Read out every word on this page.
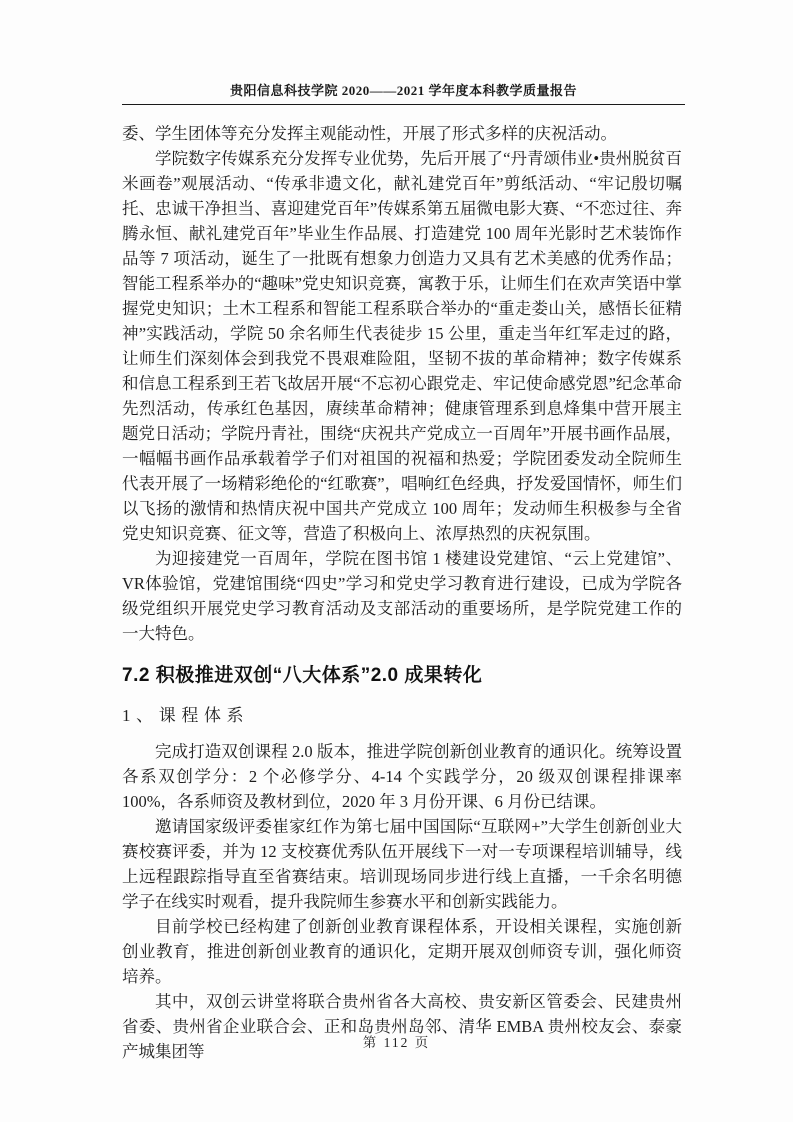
贵阳信息科技学院 2020——2021 学年度本科教学质量报告

委、学生团体等充分发挥主观能动性，开展了形式多样的庆祝活动。

学院数字传媒系充分发挥专业优势，先后开展了“丹青颂伟业•贵州脱贫百米画卷”观展活动、“传承非遗文化，献礼建党百年”剪纸活动、“牢记殷切嘱托、忠诚干净担当、喜迎建党百年”传媒系第五届微电影大赛、“不恋过往、奔腾永恒、献礼建党百年”毕业生作品展、打造建党 100 周年光影时艺术装饰作品等 7 项活动，诞生了一批既有想象力创造力又具有艺术美感的优秀作品；智能工程系举办的“趣味”党史知识竞赛，寓教于乐，让师生们在欢声笑语中掌握党史知识；土木工程系和智能工程系联合举办的“重走娄山关，感悟长征精神”实践活动，学院 50 余名师生代表徒步 15 公里，重走当年红军走过的路，让师生们深刻体会到我党不畏艰难险阻，坚韧不拔的革命精神；数字传媒系和信息工程系到王若飞故居开展“不忘初心跟党走、牢记使命感党恩”纪念革命先烈活动，传承红色基因，赓续革命精神；健康管理系到息烽集中营开展主题党日活动；学院丹青社，围绕“庆祝共产党成立一百周年”开展书画作品展，一幅幅书画作品承载着学子们对祖国的祝福和热爱；学院团委发动全院师生代表开展了一场精彩绝伦的“红歌赛”，唱响红色经典，抒发爱国情怀，师生们以飞扬的激情和热情庆祝中国共产党成立 100 周年；发动师生积极参与全省党史知识竞赛、征文等，营造了积极向上、浓厚热烈的庆祝氛围。

为迎接建党一百周年，学院在图书馆 1 楼建设党建馆、“云上党建馆”、VR体验馆，党建馆围绕“四史”学习和党史学习教育进行建设，已成为学院各级党组织开展党史学习教育活动及支部活动的重要场所，是学院党建工作的一大特色。

7.2 积极推进双创“八大体系”2.0 成果转化
1、课程体系

完成打造双创课程 2.0 版本，推进学院创新创业教育的通识化。统筹设置各系双创学分：2 个必修学分、4-14 个实践学分，20 级双创课程排课率 100%，各系师资及教材到位，2020 年 3 月份开课、6 月份已结课。

邀请国家级评委崔家红作为第七届中国国际“互联网+”大学生创新创业大赛校赛评委，并为 12 支校赛优秀队伍开展线下一对一专项课程培训辅导，线上远程跟踪指导直至省赛结束。培训现场同步进行线上直播，一千余名明德学子在线实时观看，提升我院师生参赛水平和创新实践能力。

目前学校已经构建了创新创业教育课程体系，开设相关课程，实施创新创业教育，推进创新创业教育的通识化，定期开展双创师资专训，强化师资培养。

其中，双创云讲堂将联合贵州省各大高校、贵安新区管委会、民建贵州省委、贵州省企业联合会、正和岛贵州岛邻、清华 EMBA 贵州校友会、泰豪产城集团等	第 112 页
